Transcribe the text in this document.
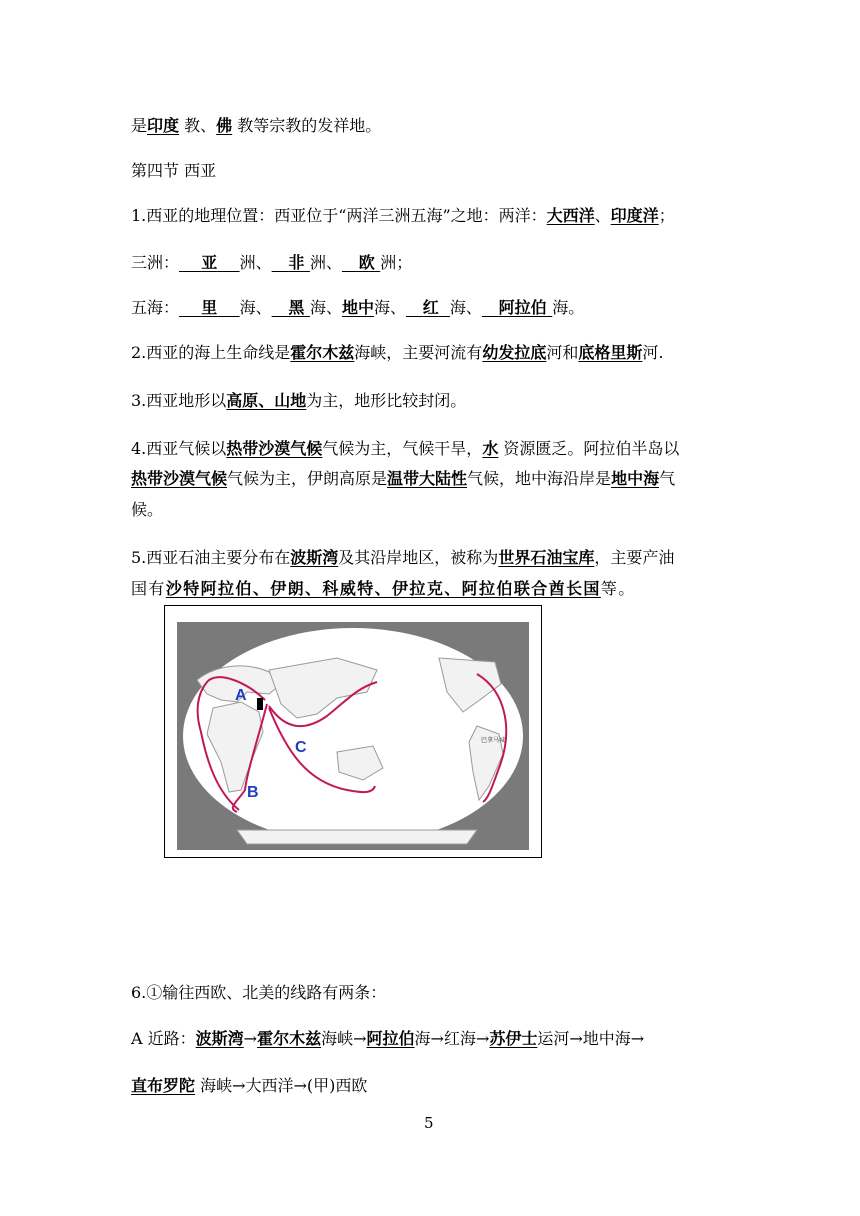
是印度 教、佛 教等宗教的发祥地。
第四节 西亚
1.西亚的地理位置：西亚位于“两洋三洲五海”之地：两洋：大西洋、印度洋；
三洲： 亚 洲、 非 洲、 欧 洲；
五海： 里 海、 黑 海、地中海、 红 海、 阿拉伯 海。
2.西亚的海上生命线是霍尔木兹海峡，主要河流有幼发拉底河和底格里斯河.
3.西亚地形以高原、山地为主，地形比较封闭。
4.西亚气候以热带沙漠气候气候为主，气候干旱，水 资源匮乏。阿拉伯半岛以
热带沙漠气候气候为主，伊朗高原是温带大陆性气候，地中海沿岸是地中海气
候。
5.西亚石油主要分布在波斯湾及其沿岸地区，被称为世界石油宝库，主要产油
国有沙特阿拉伯、伊朗、科威特、伊拉克、阿拉伯联合酋长国等。
A
B
C	巴拿马城
6.①输往西欧、北美的线路有两条：
A 近路：波斯湾→霍尔木兹海峡→阿拉伯海→红海→苏伊士运河→地中海→
直布罗陀 海峡→大西洋→(甲)西欧
5
